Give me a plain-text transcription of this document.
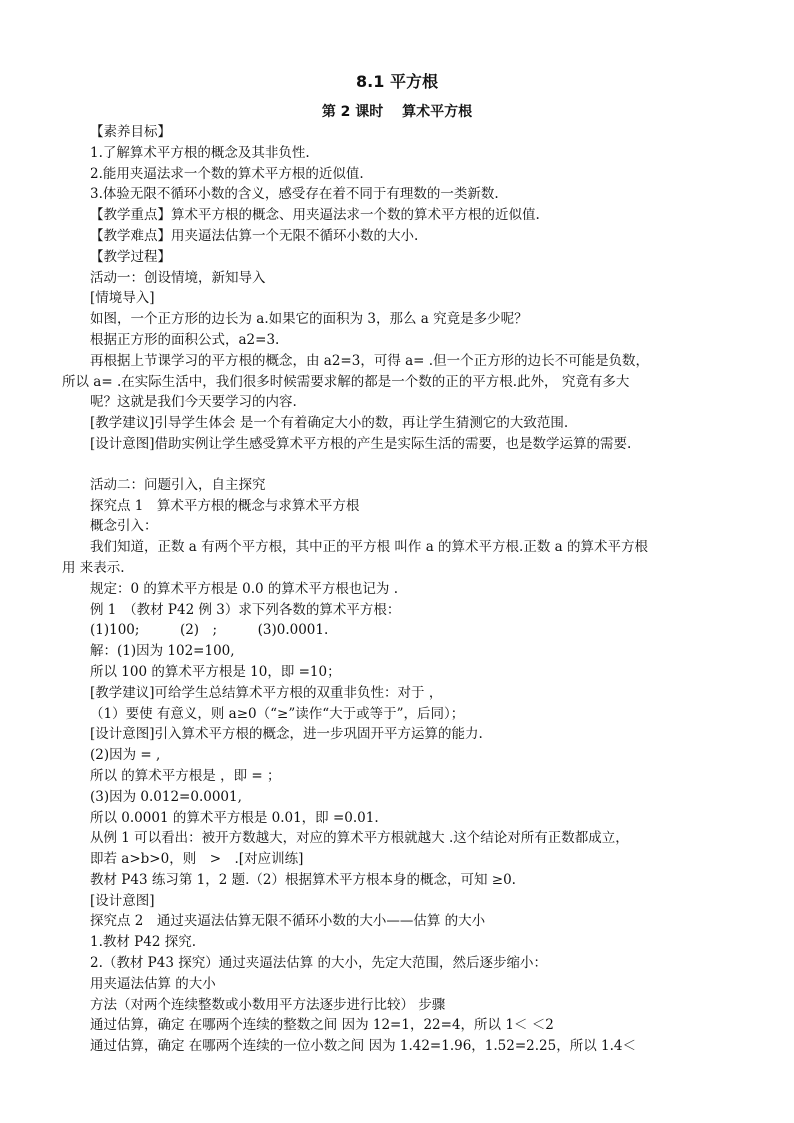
8.1 平方根
第 2 课时　 算术平方根
【素养目标】
1.了解算术平方根的概念及其非负性.
2.能用夹逼法求一个数的算术平方根的近似值.
3.体验无限不循环小数的含义，感受存在着不同于有理数的一类新数.
【教学重点】算术平方根的概念、用夹逼法求一个数的算术平方根的近似值.
【教学难点】用夹逼法估算一个无限不循环小数的大小.
【教学过程】
活动一：创设情境，新知导入
[情境导入]
如图，一个正方形的边长为 a.如果它的面积为 3，那么 a 究竟是多少呢？
根据正方形的面积公式，a2=3.
再根据上节课学习的平方根的概念，由 a2=3，可得 a= .但一个正方形的边长不可能是负数，
所以 a= .在实际生活中，我们很多时候需要求解的都是一个数的正的平方根.此外， 究竟有多大
呢？这就是我们今天要学习的内容.
[教学建议]引导学生体会 是一个有着确定大小的数，再让学生猜测它的大致范围.
[设计意图]借助实例让学生感受算术平方根的产生是实际生活的需要，也是数学运算的需要.
活动二：问题引入，自主探究
探究点 1　算术平方根的概念与求算术平方根
概念引入：
我们知道，正数 a 有两个平方根，其中正的平方根 叫作 a 的算术平方根.正数 a 的算术平方根
用 来表示.
规定：0 的算术平方根是 0.0 的算术平方根也记为 .
例 1　（教材 P42 例 3）求下列各数的算术平方根：
(1)100;　　　(2)　;　　　(3)0.0001.
解：(1)因为 102=100,
所以 100 的算术平方根是 10，即 =10；
[教学建议]可给学生总结算术平方根的双重非负性：对于 ，
（1）要使 有意义，则 a≥0（“≥”读作“大于或等于”，后同）；
[设计意图]引入算术平方根的概念，进一步巩固开平方运算的能力.
(2)因为 = ,
所以 的算术平方根是 ，即 = ；
(3)因为 0.012=0.0001,
所以 0.0001 的算术平方根是 0.01，即 =0.01.
从例 1 可以看出：被开方数越大，对应的算术平方根就越大 .这个结论对所有正数都成立，
即若 a>b>0，则　>　.[对应训练]
教材 P43 练习第 1，2 题.（2）根据算术平方根本身的概念，可知 ≥0.
[设计意图]
探究点 2　通过夹逼法估算无限不循环小数的大小——估算 的大小
1.教材 P42 探究.
2.（教材 P43 探究）通过夹逼法估算 的大小，先定大范围，然后逐步缩小：
用夹逼法估算 的大小
方法（对两个连续整数或小数用平方法逐步进行比较） 步骤
通过估算，确定 在哪两个连续的整数之间 因为 12=1，22=4，所以 1＜ ＜2
通过估算，确定 在哪两个连续的一位小数之间 因为 1.42=1.96，1.52=2.25，所以 1.4＜
